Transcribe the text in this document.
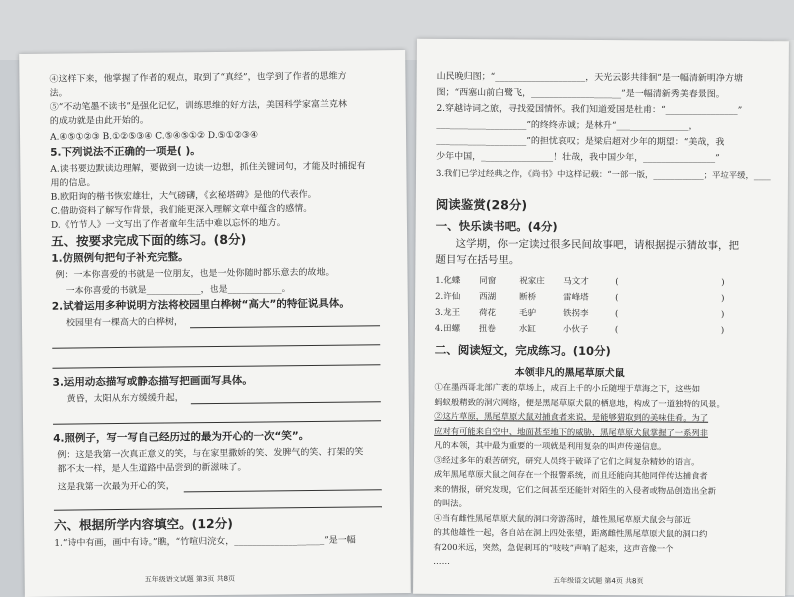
④这样下来，他掌握了作者的观点，取到了“真经”，也学到了作者的思维方
法。
⑤“不动笔墨不读书”是强化记忆，训练思维的好方法，美国科学家富兰克林
的成功就是由此开始的。
A.④⑤①②③ B.①②⑤③④ C.⑤④⑤①② D.⑤①②③④
5.下列说法不正确的一项是( )。
A.读书要边默读边理解，要做到一边读一边想，抓住关键词句，才能及时捕捉有
用的信息。
B.欧阳询的楷书恢宏雄壮，大气磅礴，《玄秘塔碑》是他的代表作。
C.借助资料了解写作背景，我们能更深入理解文章中蕴含的感情。
D.《竹节人》一文写出了作者童年生活中难以忘怀的地方。
五、按要求完成下面的练习。(8分)
1.仿照例句把句子补充完整。
例：一本你喜爱的书就是一位朋友，也是一处你随时都乐意去的故地。
一本你喜爱的书就是____________，也是____________。
2.试着运用多种说明方法将校园里白桦树“高大”的特征说具体。
校园里有一棵高大的白桦树，
3.运用动态描写或静态描写把画面写具体。
黄昏，太阳从东方缓缓升起，
4.照例子，写一写自己经历过的最为开心的一次“笑”。
例：这是我第一次真正意义的笑，与在家里撒娇的笑、发脾气的笑、打架的笑
都不太一样，是人生道路中品尝到的新滋味了。
这是我第一次最为开心的笑，
六、根据所学内容填空。(12分)
1.“诗中有画，画中有诗。”瞧，“竹喧归浣女，____________________”是一幅
五年级语文试题 第3页 共8页
山民晚归图；“____________________，天光云影共徘徊”是一幅清新明净方塘
图；“西塞山前白鹭飞，____________________”是一幅清新秀美春景图。
2.穿越诗词之旅，寻找爱国情怀。我们知道爱国是杜甫：“________________”
____________________”的终终赤诚；是林升“________________，
____________________”的担忧哀叹；是梁启超对少年的期望：“美哉，我
少年中国，________________！壮哉，我中国少年，________________”
3.我们已学过经典之作，《尚书》中这样记载：“一部一版，____________；平垃平缓，____
阅读鉴赏(28分)
一、快乐读书吧。(4分)
这学期，你一定读过很多民间故事吧，请根据提示猜故事，把
题目写在括号里。
1.化蝶 同窗	祝家庄 马文才	(	)
2.许仙 西湖	断桥	雷峰塔	(	)
3.龙王 荷花	毛驴	铁拐李	(	)
4.田螺 扭卷	水缸	小伙子	(	)
二、阅读短文，完成练习。(10分)
本领非凡的黑尾草原犬鼠
①在墨西哥北部广袤的草场上，成百上千的小丘随埋于草海之下，这些如
蚂蚁般精致的洞穴网络，便是黑尾草原犬鼠的栖息地，构成了一道独特的风景。
②这片草原，黑尾草原犬鼠对捕食者来说，是能够猎取到的美味佳肴。为了
应对有可能来自空中、地面甚至地下的威胁，黑尾草原犬鼠掌握了一系列非
凡的本领，其中最为重要的一项就是利用复杂的叫声传递信息。
③经过多年的艰苦研究，研究人员终于破译了它们之间复杂精妙的语言。
成年黑尾草原犬鼠之间存在一个报警系统，而且还能向其他同伴传达捕食者
来的情报，研究发现，它们之间甚至还能针对陌生的入侵者或物品创造出全新
的叫法。
④当有雌性黑尾草原犬鼠的洞口旁游荡时，雄性黑尾草原犬鼠会与部近
的其他雄性一起，各自站在洞上四处张望，距离雌性黑尾草原犬鼠的洞口约
有200米远，突然，急促刺耳的“吱吱”声响了起来，这声音像一个
……
五年级语文试题 第4页 共8页
